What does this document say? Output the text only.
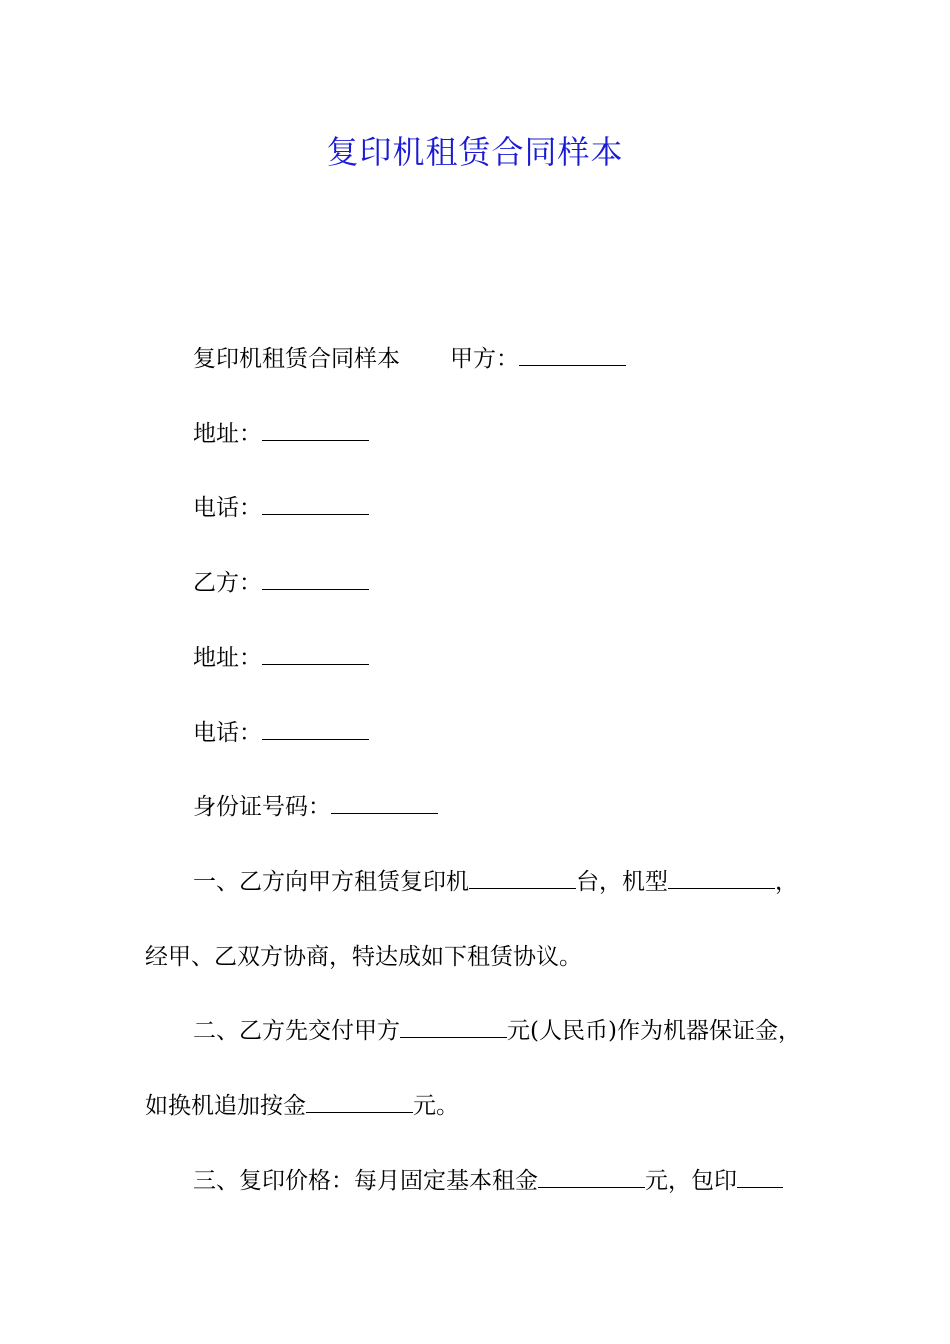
复印机租赁合同样本
复印机租赁合同样本 甲方：
地址：
电话：
乙方：
地址：
电话：
身份证号码：
一、乙方向甲方租赁复印机	台，机型	，
经甲、乙双方协商，特达成如下租赁协议。
二、乙方先交付甲方	元(人民币)作为机器保证金，
如换机追加按金	元。
三、复印价格：每月固定基本租金	元，包印
